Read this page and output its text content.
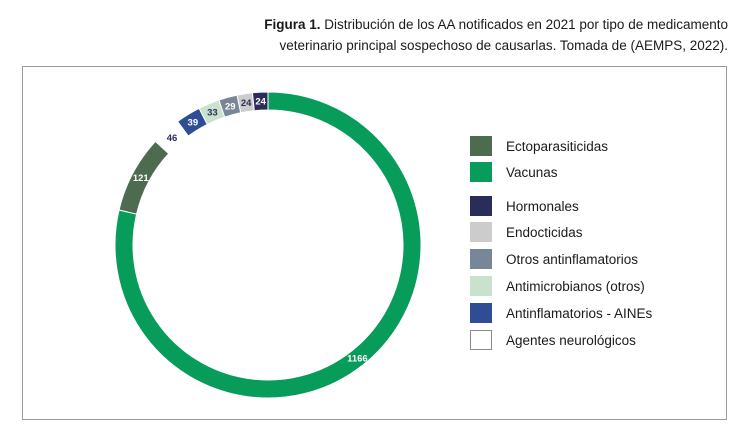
Figura 1. Distribución de los AA notificados en 2021 por tipo de medicamento
veterinario principal sospechoso de causarlas. Tomada de (AEMPS, 2022).
1166
121
46
39
33
29 24 24
Ectoparasiticidas
Vacunas
Hormonales
Endocticidas
Otros antinflamatorios
Antimicrobianos (otros)
Antinflamatorios - AINEs
Agentes neurológicos
